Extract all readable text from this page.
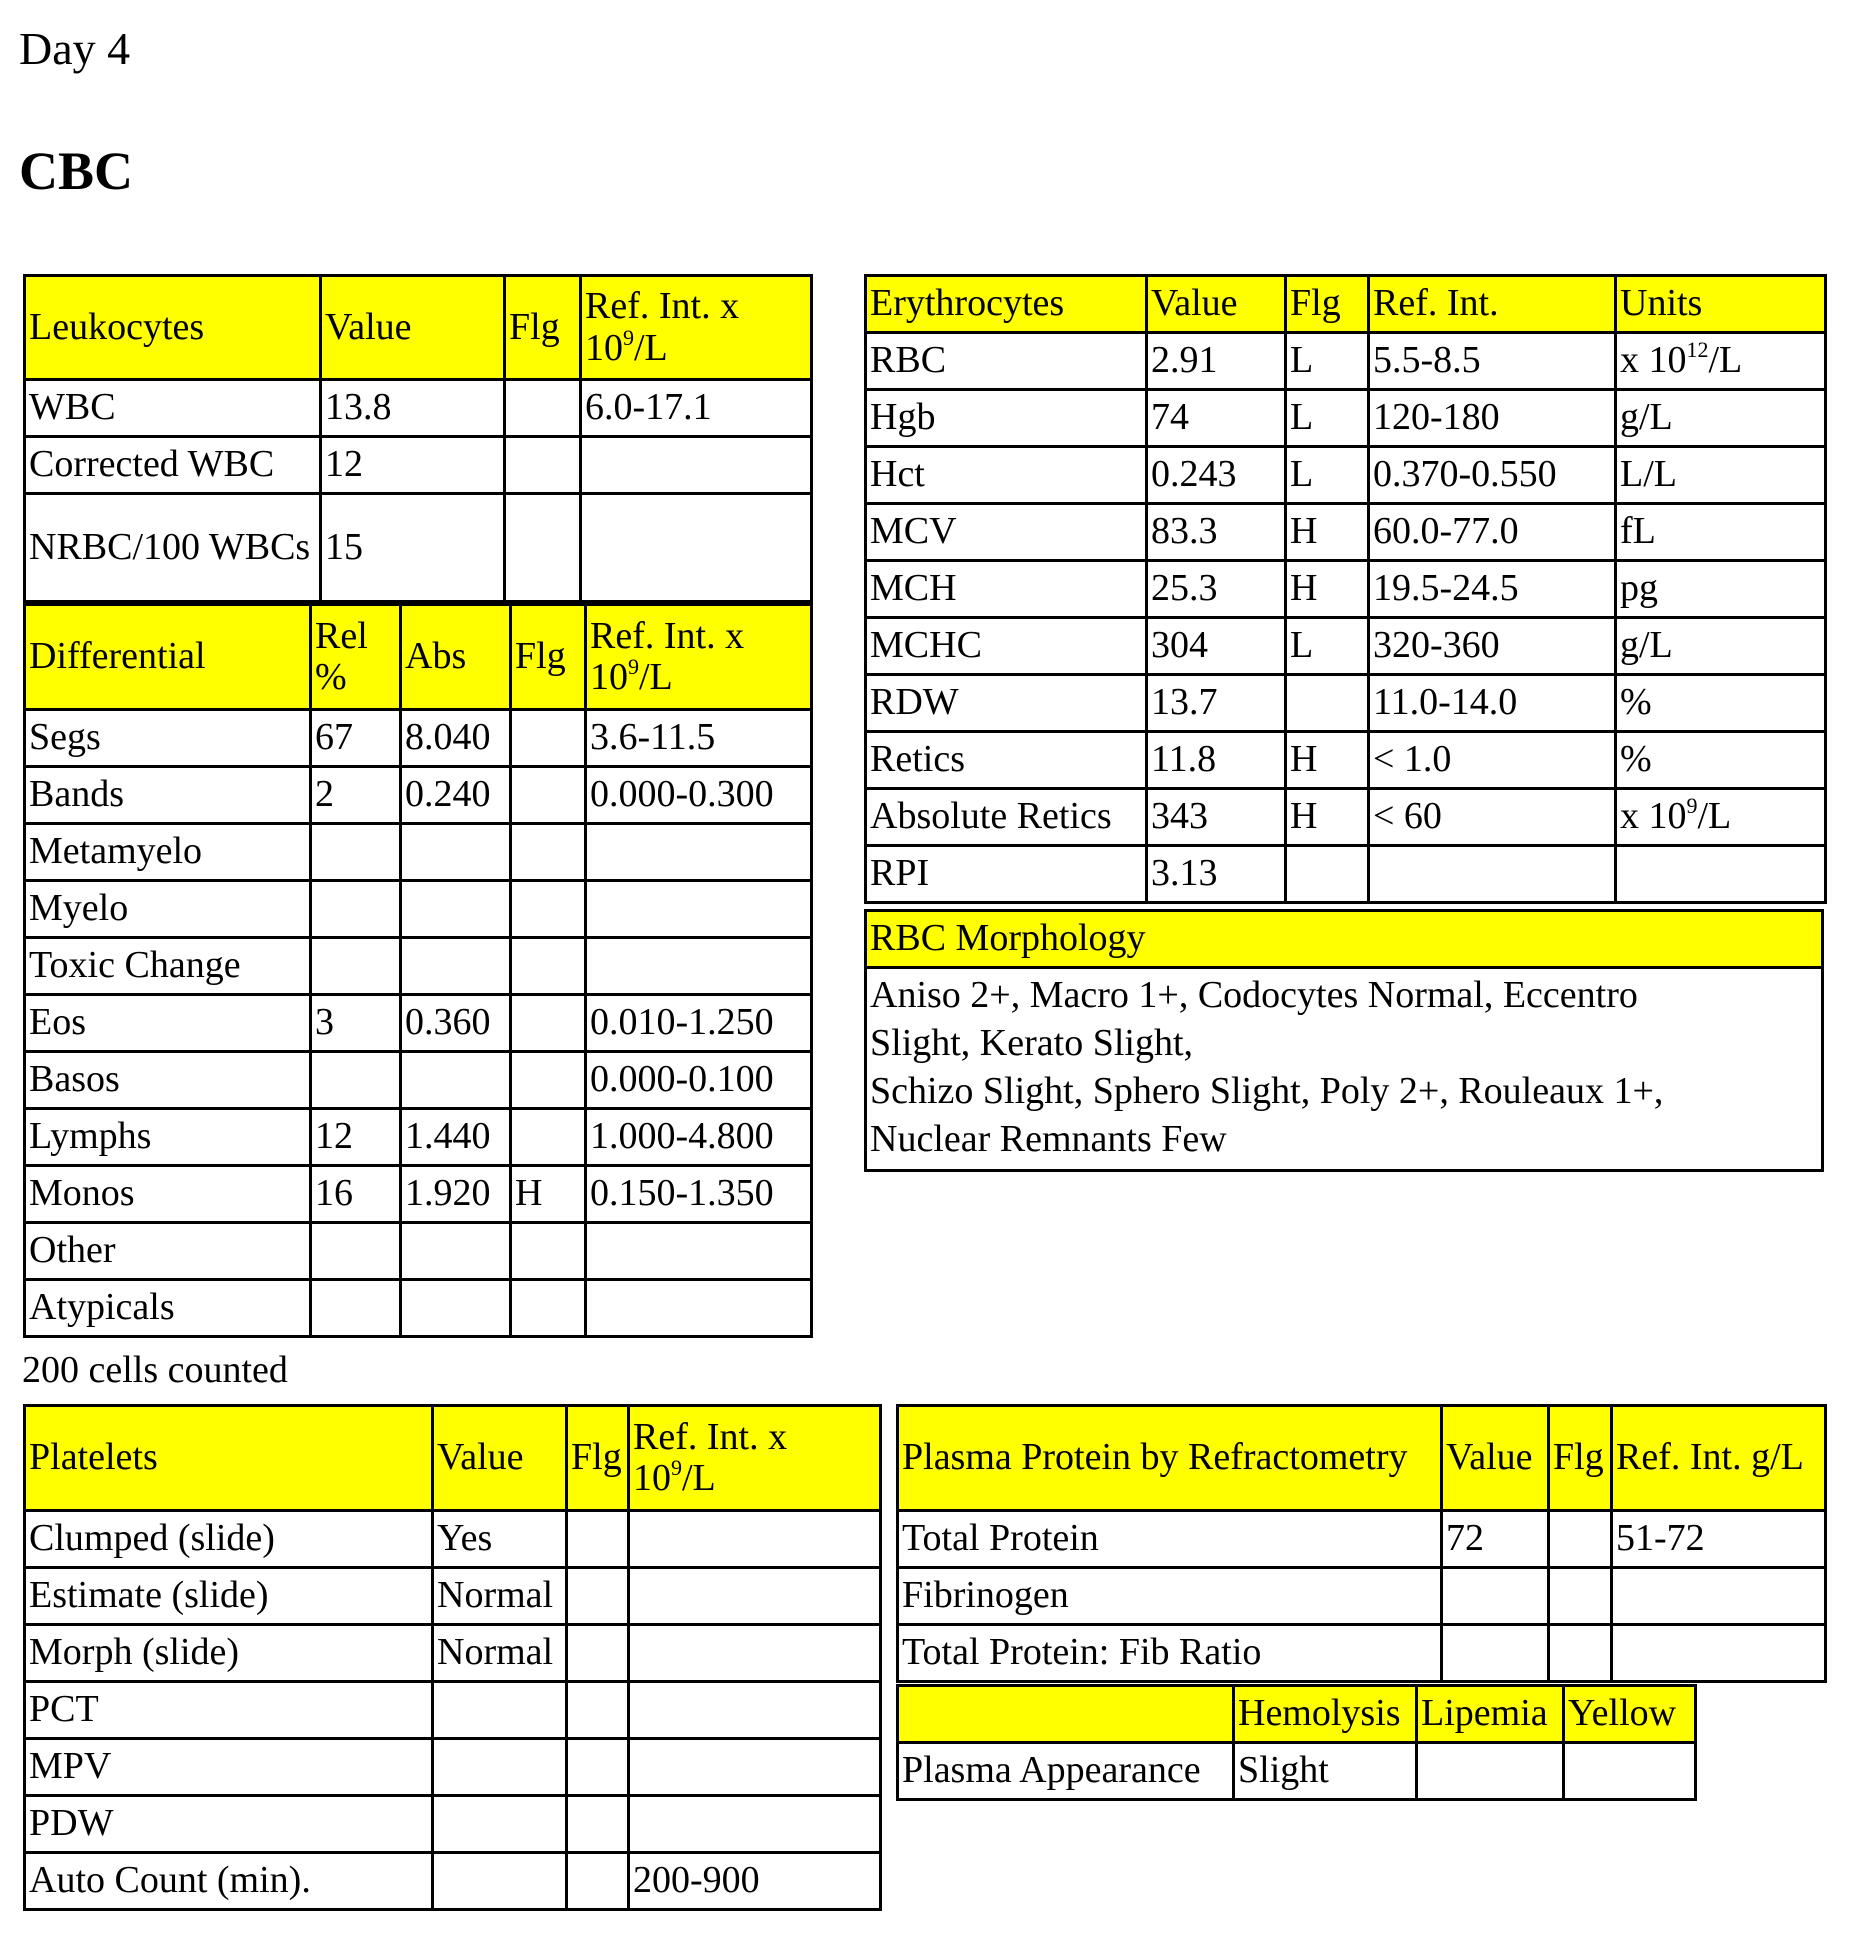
Day 4
CBC
Leukocytes	Value	Flg	Ref. Int. x $10^9/L$
WBC	13.8		6.0-17.1
Corrected WBC	12		
NRBC/100 WBCs	15		
Differential	Rel %	Abs	Flg	Ref. Int. x $10^9/L$
Segs	67	8.040		3.6-11.5
Bands	2	0.240		0.000-0.300
Metamyelo				
Myelo				
Toxic Change				
Eos	3	0.360		0.010-1.250
Basos				0.000-0.100
Lymphs	12	1.440		1.000-4.800
Monos	16	1.920	H	0.150-1.350
Other				
Atypicals				
200 cells counted
Erythrocytes	Value	Flg	Ref. Int.	Units
RBC	2.91	L	5.5-8.5	x $10^{12}/L$
Hgb	74	L	120-180	g/L
Hct	0.243	L	0.370-0.550	L/L
MCV	83.3	H	60.0-77.0	fL
MCH	25.3	H	19.5-24.5	pg
MCHC	304	L	320-360	g/L
RDW	13.7		11.0-14.0	%
Retics	11.8	H	< 1.0	%
Absolute Retics	343	H	< 60	x $10^9/L$
RPI	3.13			
RBC Morphology

Aniso 2+, Macro 1+, Codocytes Normal, Eccentro
Slight, Kerato Slight,
Schizo Slight, Sphero Slight, Poly 2+, Rouleaux 1+,
Nuclear Remnants Few
Platelets	Value	Flg	Ref. Int. x $10^9/L$
Clumped (slide)	Yes		
Estimate (slide)	Normal		
Morph (slide)	Normal		
PCT			
MPV			
PDW			
Auto Count (min).			200-900
Plasma Protein by Refractometry	Value	Flg	Ref. Int. g/L
Total Protein	72		51-72
Fibrinogen			
Total Protein: Fib Ratio			
	Hemolysis	Lipemia	Yellow
Plasma Appearance	Slight		
